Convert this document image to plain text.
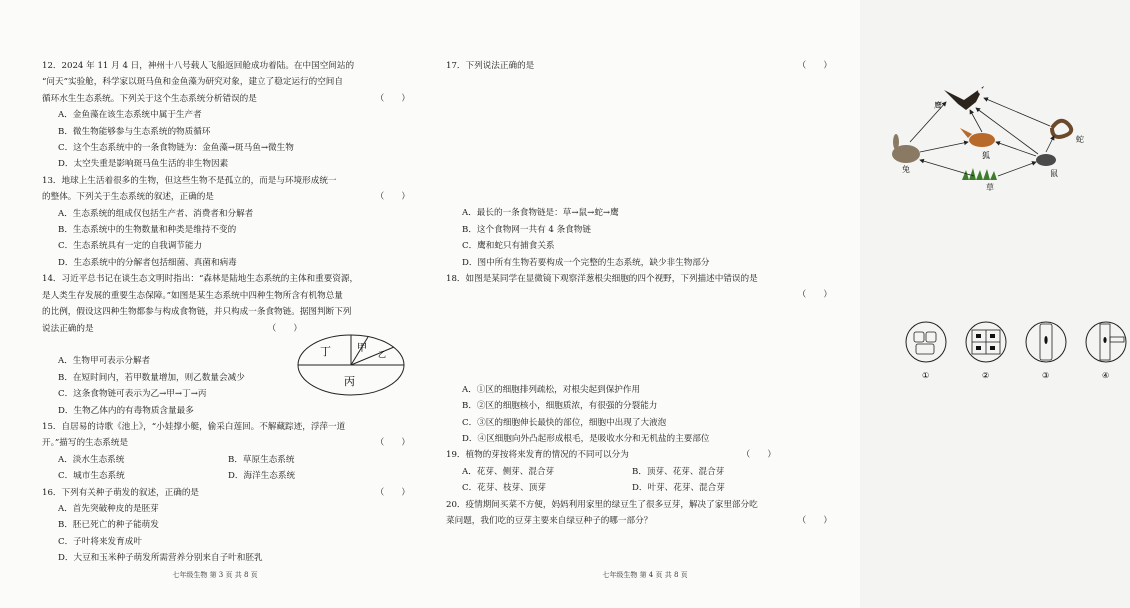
12．2024 年 11 月 4 日，神州十八号载人飞船返回舱成功着陆。在中国空间站的

“问天”实验舱，科学家以斑马鱼和金鱼藻为研究对象，建立了稳定运行的空间自

循环水生生态系统。下列关于这个生态系统分析错误的是	（　　）

A．金鱼藻在该生态系统中属于生产者

B．微生物能够参与生态系统的物质循环

C．这个生态系统中的一条食物链为：金鱼藻→斑马鱼→微生物

D．太空失重是影响斑马鱼生活的非生物因素

13．地球上生活着很多的生物，但这些生物不是孤立的，而是与环境形成统一

的整体。下列关于生态系统的叙述，正确的是	（　　）

A．生态系统的组成仅包括生产者、消费者和分解者

B．生态系统中的生物数量和种类是维持不变的

C．生态系统具有一定的自我调节能力

D．生态系统中的分解者包括细菌、真菌和病毒

14．习近平总书记在谈生态文明时指出：“森林是陆地生态系统的主体和重要资源，

是人类生存发展的重要生态保障。”如图是某生态系统中四种生物所含有机物总量

的比例，假设这四种生物都参与构成食物链，并只构成一条食物链。据图判断下列

说法正确的是	（　　）

A．生物甲可表示分解者

B．在短时间内，若甲数量增加，则乙数量会减少

C．这条食物链可表示为乙→甲→丁→丙

D．生物乙体内的有毒物质含量最多

15．自居易的诗歌《池上》，“小娃撑小艇，偷采白莲回。不解藏踪迹，浮萍一道

开。”描写的生态系统是	（　　）

A．淡水生态系统	B．草原生态系统
C．城市生态系统	D．海洋生态系统

16．下列有关种子萌发的叙述，正确的是	（　　）

A．首先突破种皮的是胚芽

B．胚已死亡的种子能萌发

C．子叶将来发育成叶

D．大豆和玉米种子萌发所需营养分别来自子叶和胚乳

丁	甲
乙
丙
七年级生物 第 3 页 共 8 页

17．下列说法正确的是	（　　）

A．最长的一条食物链是：草→鼠→蛇→鹰

B．这个食物网一共有 4 条食物链

C．鹰和蛇只有捕食关系

D．图中所有生物若要构成一个完整的生态系统，缺少非生物部分

18．如图是某同学在显微镜下观察洋葱根尖细胞的四个视野，下列描述中错误的是

（　　）

A．①区的细胞排列疏松，对根尖起到保护作用

B．②区的细胞核小，细胞质浓，有很强的分裂能力

C．③区的细胞伸长最快的部位，细胞中出现了大液泡

D．④区细胞向外凸起形成根毛，是吸收水分和无机盐的主要部位

19．植物的芽按将来发育的情况的不同可以分为	（　　）

A．花芽、侧芽、混合芽	B．顶芽、花芽、混合芽
C．花芽、枝芽、顶芽	D．叶芽、花芽、混合芽

20．疫情期间买菜不方便，妈妈利用家里的绿豆生了很多豆芽，解决了家里部分吃

菜问题，我们吃的豆芽主要来自绿豆种子的哪一部分？	（　　）

鹰
蛇
兔
狐
鼠
草
①	②	③	④
七年级生物 第 4 页 共 8 页
